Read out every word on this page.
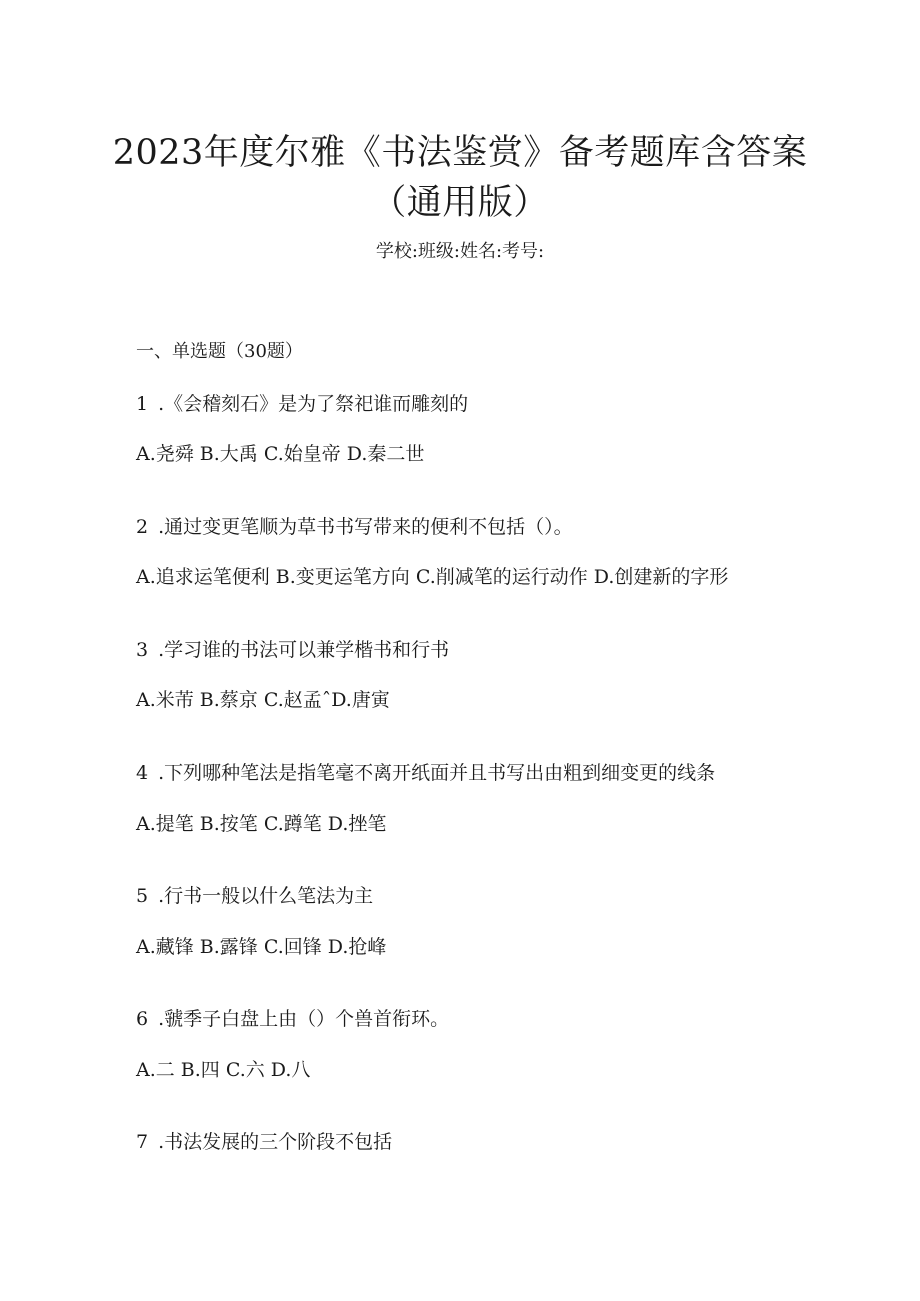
2023年度尔雅《书法鉴赏》备考题库含答案
（通用版）
学校:班级:姓名:考号:
一、单选题（30题）
1 .《会稽刻石》是为了祭祀谁而雕刻的
A.尧舜 B.大禹 C.始皇帝 D.秦二世
2 .通过变更笔顺为草书书写带来的便利不包括（）。
A.追求运笔便利 B.变更运笔方向 C.削减笔的运行动作 D.创建新的字形
3 .学习谁的书法可以兼学楷书和行书
A.米芾 B.蔡京 C.赵孟ˆD.唐寅
4 .下列哪种笔法是指笔毫不离开纸面并且书写出由粗到细变更的线条
A.提笔 B.按笔 C.蹲笔 D.挫笔
5 .行书一般以什么笔法为主
A.藏锋 B.露锋 C.回锋 D.抢峰
6 .虢季子白盘上由（）个兽首衔环。
A.二 B.四 C.六 D.八
7 .书法发展的三个阶段不包括
